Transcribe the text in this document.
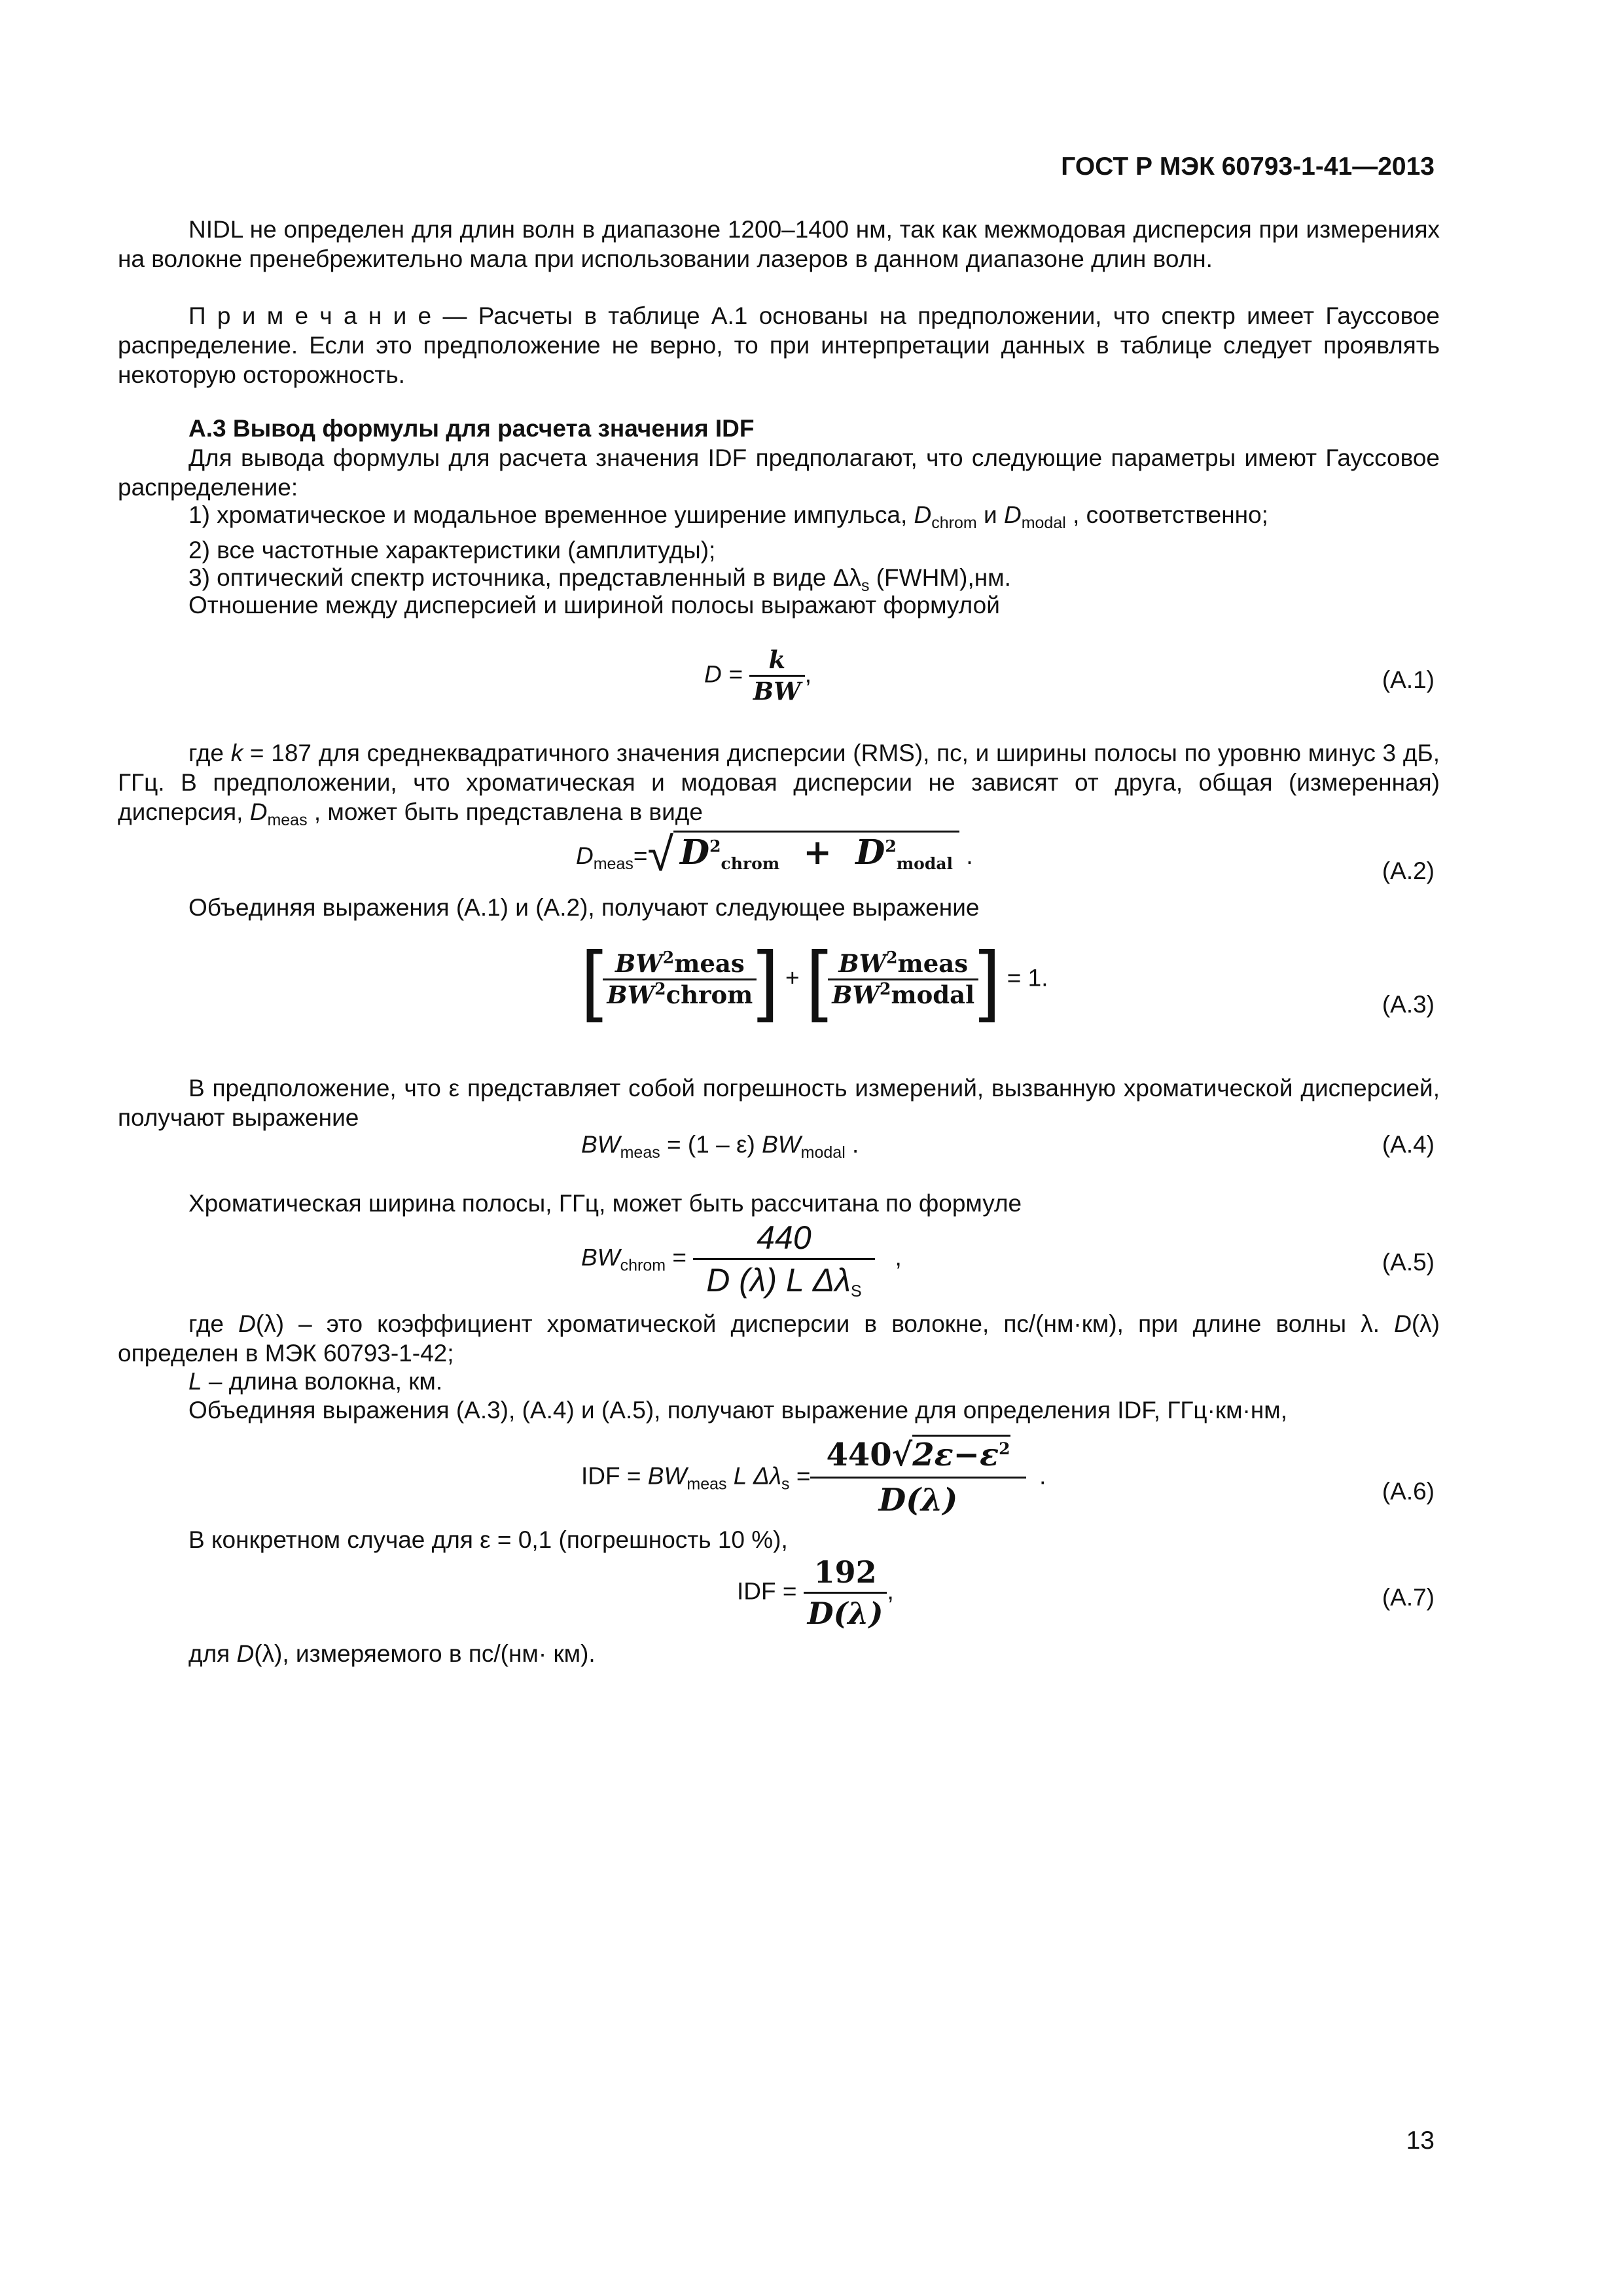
ГОСТ Р МЭК 60793-1-41—2013
NIDL не определен для длин волн в диапазоне 1200–1400 нм, так как межмодовая дисперсия при измерениях на волокне пренебрежительно мала при использовании лазеров в данном диапазоне длин волн.
П р и м е ч а н и е — Расчеты в таблице А.1 основаны на предположении, что спектр имеет Гауссовое распределение. Если это предположение не верно, то при интерпретации данных в таблице следует проявлять некоторую осторожность.
А.3 Вывод формулы для расчета значения IDF
Для вывода формулы для расчета значения IDF предполагают, что следующие параметры имеют Гауссовое распределение:
1) хроматическое и модальное временное уширение импульса, $D_{chrom}$ и $D_{modal}$ , соответственно;
2) все частотные характеристики (амплитуды);
3) оптический спектр источника, представленный в виде $\Delta\lambda_s$ (FWHM),нм.
Отношение между дисперсией и шириной полосы выражают формулой
$D = \frac{k}{BW}$ ,	(А.1)
где k = 187 для среднеквадратичного значения дисперсии (RMS), пс, и ширины полосы по уровню минус 3 дБ, ГГц. В предположении, что хроматическая и модовая дисперсии не зависят от друга, общая (измеренная) дисперсия, $D_{meas}$ , может быть представлена в виде
$D_{meas}=√$ $D^2_{chrom} + D^2_{modal}$ .
(А.2)
Объединяя выражения (А.1) и (А.2), получают следующее выражение
[ $\frac{BW^2meas}{BW^2chrom}$ ] + [ $\frac{BW^2meas}{BW^2modal}$ ] = 1.
(А.3)
В предположение, что ε представляет собой погрешность измерений, вызванную хроматической дисперсией, получают выражение
$BW_{meas} = (1 - \varepsilon)$ $BW_{modal}$ .	(А.4)
Хроматическая ширина полосы, ГГц, может быть рассчитана по формуле
$BW_{chrom} = \frac{440}{D (\lambda) L \Delta\lambda_S}$ ,	(А.5)
где D(λ) – это коэффициент хроматической дисперсии в волокне, пс/(нм·км), при длине волны λ. D(λ) определен в МЭК 60793-1-42;
L – длина волокна, км.
Объединяя выражения (А.3), (А.4) и (А.5), получают выражение для определения IDF, ГГц·км·нм,
IDF = $BW_{meas}$ L $\Delta\lambda_s = \frac{440√2\varepsilon-\varepsilon^2}{D(\lambda)}$ .
(А.6)
В конкретном случае для ε = 0,1 (погрешность 10 %),
IDF = $\frac{192}{D(\lambda)}$ ,	(А.7)
для D(λ), измеряемого в пс/(нм· км).
13
